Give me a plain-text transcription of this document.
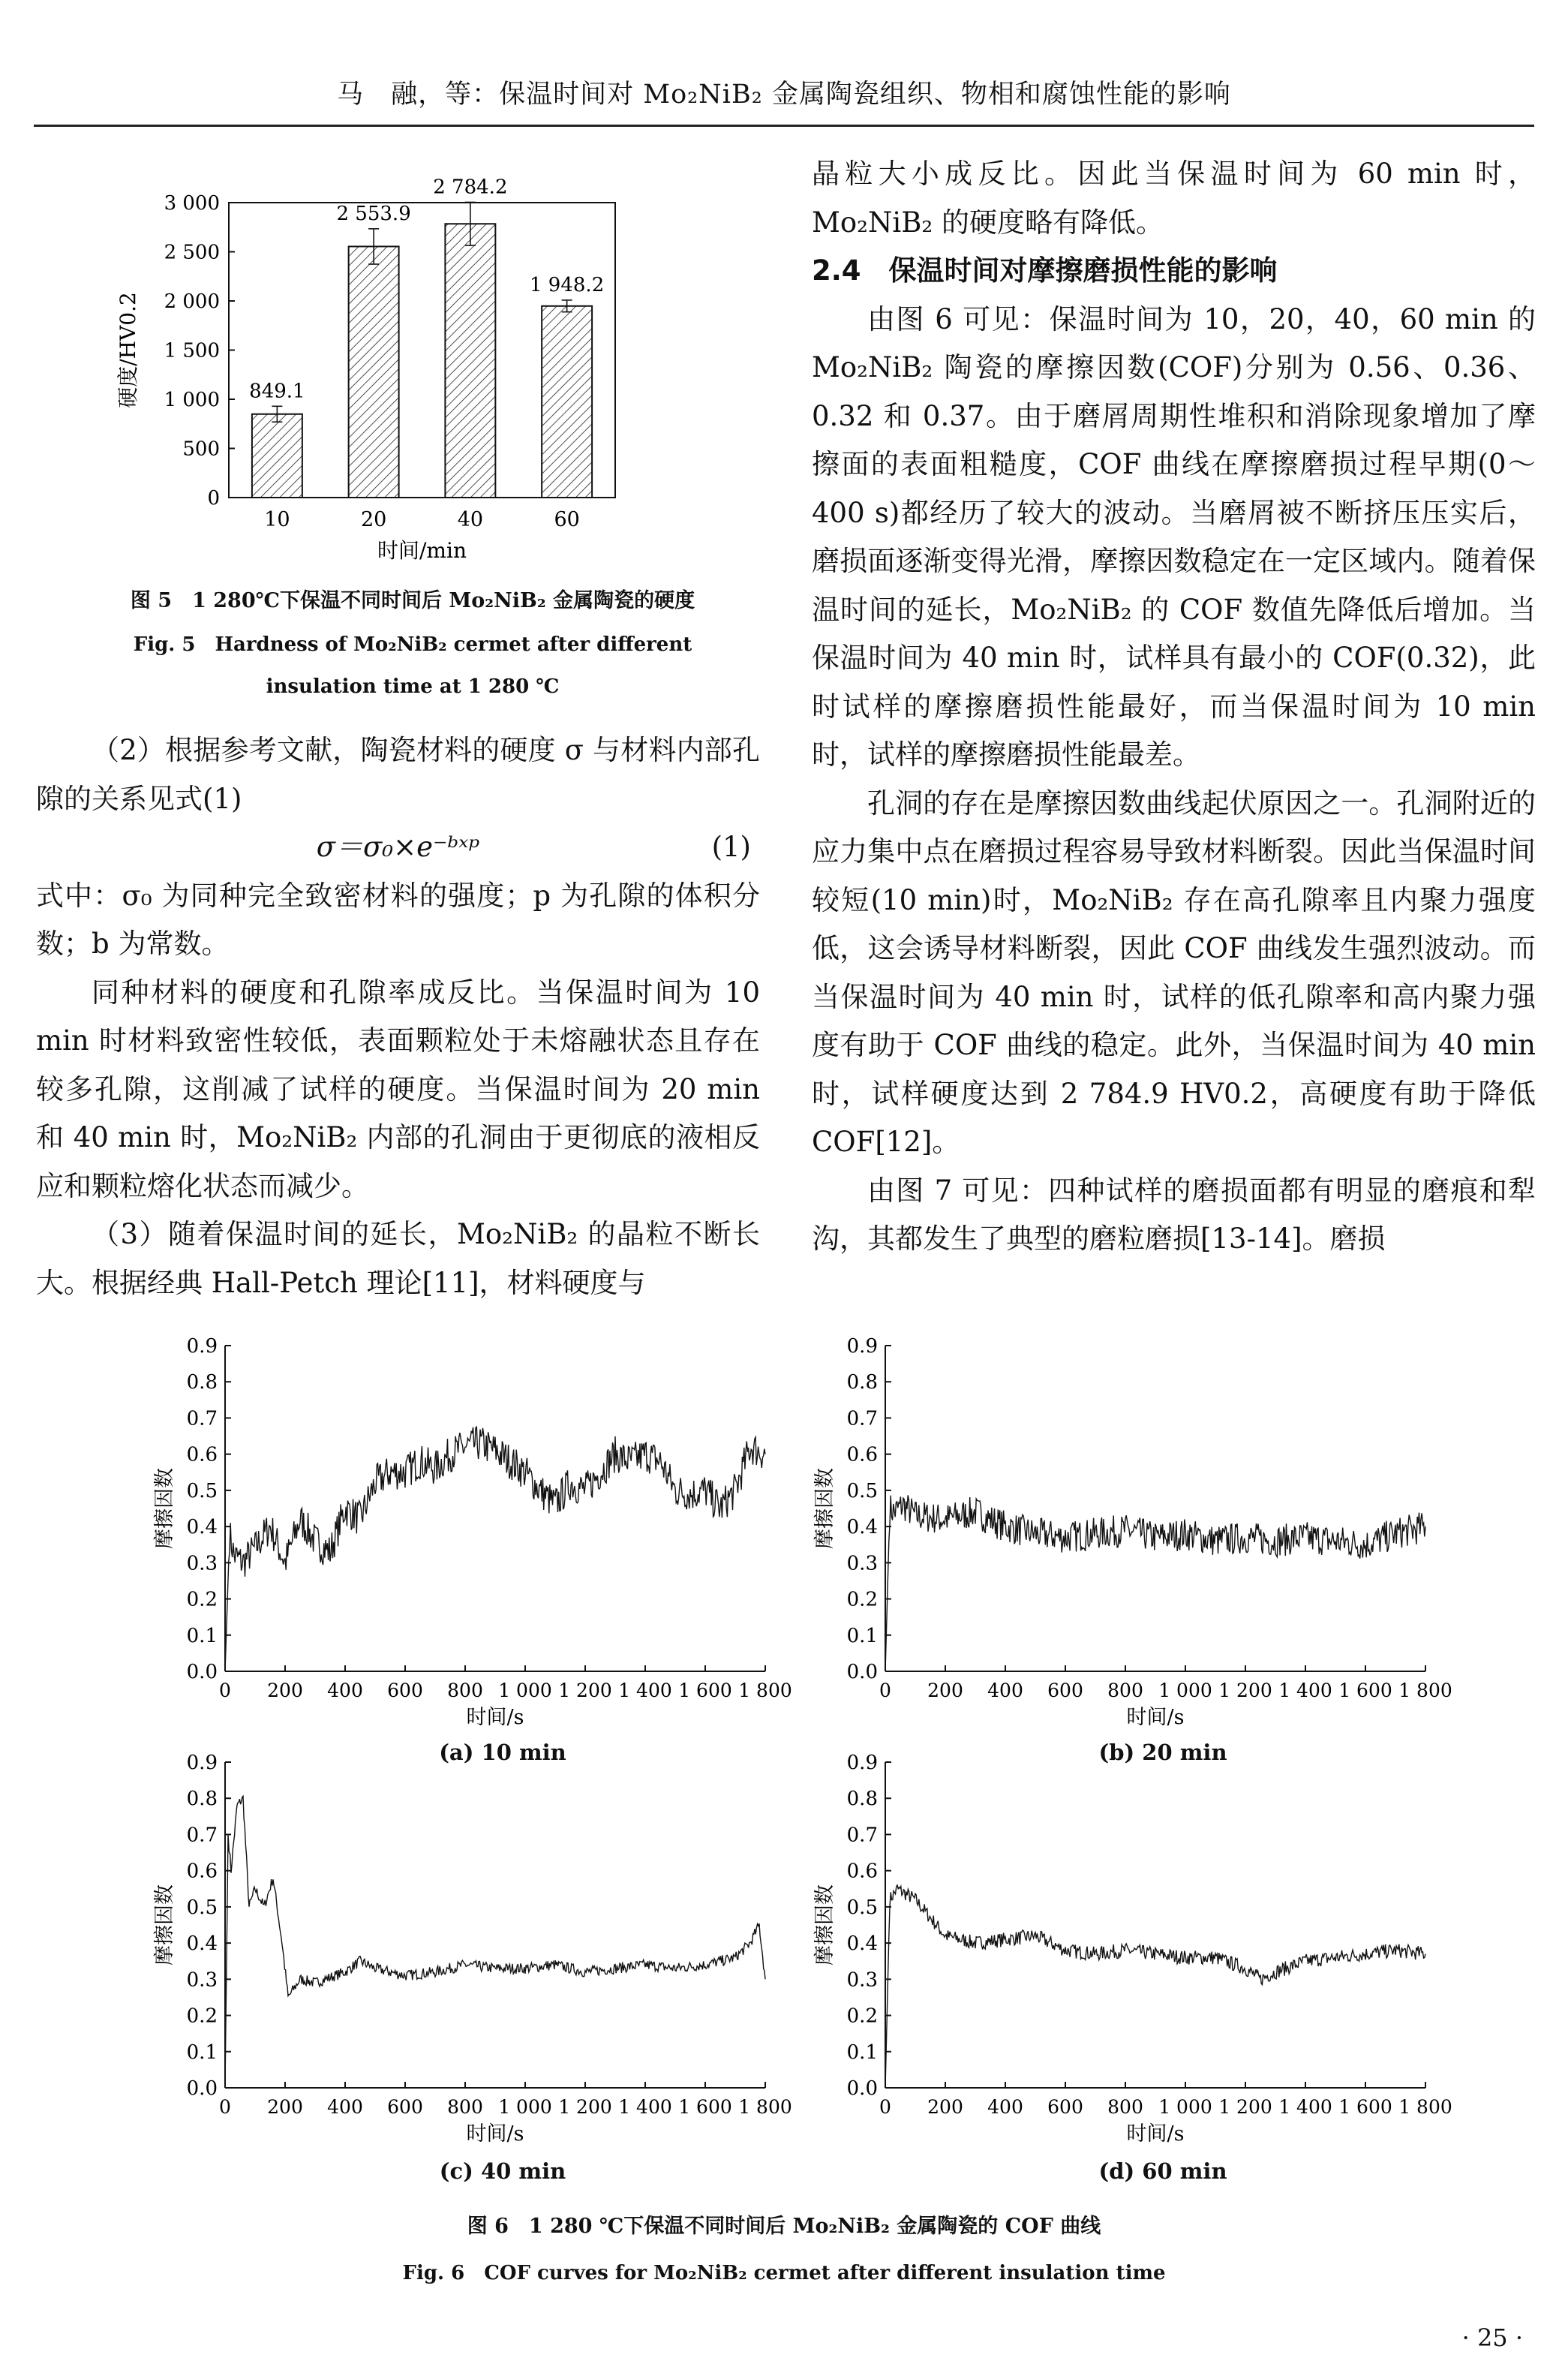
马　融，等：保温时间对 Mo₂NiB₂ 金属陶瓷组织、物相和腐蚀性能的影响
0
500
1 000
1 500
2 000
2 500
3 000
849.1
10
2 553.9
20
2 784.2
40
1 948.2
60
时间/min
硬度/HV0.2
图 5　1 280℃下保温不同时间后 Mo₂NiB₂ 金属陶瓷的硬度
Fig. 5　Hardness of Mo₂NiB₂ cermet after different
insulation time at 1 280 ℃

（2）根据参考文献，陶瓷材料的硬度 σ 与材料内部孔隙的关系见式(1)

σ＝σ₀×e⁻ᵇˣᵖ	(1)

式中：σ₀ 为同种完全致密材料的强度；p 为孔隙的体积分数；b 为常数。

同种材料的硬度和孔隙率成反比。当保温时间为 10 min 时材料致密性较低，表面颗粒处于未熔融状态且存在较多孔隙，这削减了试样的硬度。当保温时间为 20 min 和 40 min 时，Mo₂NiB₂ 内部的孔洞由于更彻底的液相反应和颗粒熔化状态而减少。

（3）随着保温时间的延长，Mo₂NiB₂ 的晶粒不断长大。根据经典 Hall-Petch 理论[11]，材料硬度与

晶粒大小成反比。因此当保温时间为 60 min 时，Mo₂NiB₂ 的硬度略有降低。

2.4　保温时间对摩擦磨损性能的影响

由图 6 可见：保温时间为 10，20，40，60 min 的 Mo₂NiB₂ 陶瓷的摩擦因数(COF)分别为 0.56、0.36、0.32 和 0.37。由于磨屑周期性堆积和消除现象增加了摩擦面的表面粗糙度，COF 曲线在摩擦磨损过程早期(0～400 s)都经历了较大的波动。当磨屑被不断挤压压实后，磨损面逐渐变得光滑，摩擦因数稳定在一定区域内。随着保温时间的延长，Mo₂NiB₂ 的 COF 数值先降低后增加。当保温时间为 40 min 时，试样具有最小的 COF(0.32)，此时试样的摩擦磨损性能最好，而当保温时间为 10 min 时，试样的摩擦磨损性能最差。

孔洞的存在是摩擦因数曲线起伏原因之一。孔洞附近的应力集中点在磨损过程容易导致材料断裂。因此当保温时间较短(10 min)时，Mo₂NiB₂ 存在高孔隙率且内聚力强度低，这会诱导材料断裂，因此 COF 曲线发生强烈波动。而当保温时间为 40 min 时，试样的低孔隙率和高内聚力强度有助于 COF 曲线的稳定。此外，当保温时间为 40 min 时，试样硬度达到 2 784.9 HV0.2，高硬度有助于降低 COF[12]。

由图 7 可见：四种试样的磨损面都有明显的磨痕和犁沟，其都发生了典型的磨粒磨损[13-14]。磨损

0.0
0.1
0.2
0.3
0.4
0.5
0.6
0.7
0.8
0.9
0 200 400 600 800 1 000 1 200 1 400 1 600 1 800
时间/s
摩擦因数
(a) 10 min
0.0
0.1
0.2
0.3
0.4
0.5
0.6
0.7
0.8
0.9
0 200 400 600 800 1 000 1 200 1 400 1 600 1 800
时间/s
摩擦因数
(b) 20 min
0.0
0.1
0.2
0.3
0.4
0.5
0.6
0.7
0.8
0.9
0 200 400 600 800 1 000 1 200 1 400 1 600 1 800
时间/s
摩擦因数
(c) 40 min
0.0
0.1
0.2
0.3
0.4
0.5
0.6
0.7
0.8
0.9
0 200 400 600 800 1 000 1 200 1 400 1 600 1 800
时间/s
摩擦因数
(d) 60 min
图 6　1 280 ℃下保温不同时间后 Mo₂NiB₂ 金属陶瓷的 COF 曲线
Fig. 6　COF curves for Mo₂NiB₂ cermet after different insulation time
· 25 ·
